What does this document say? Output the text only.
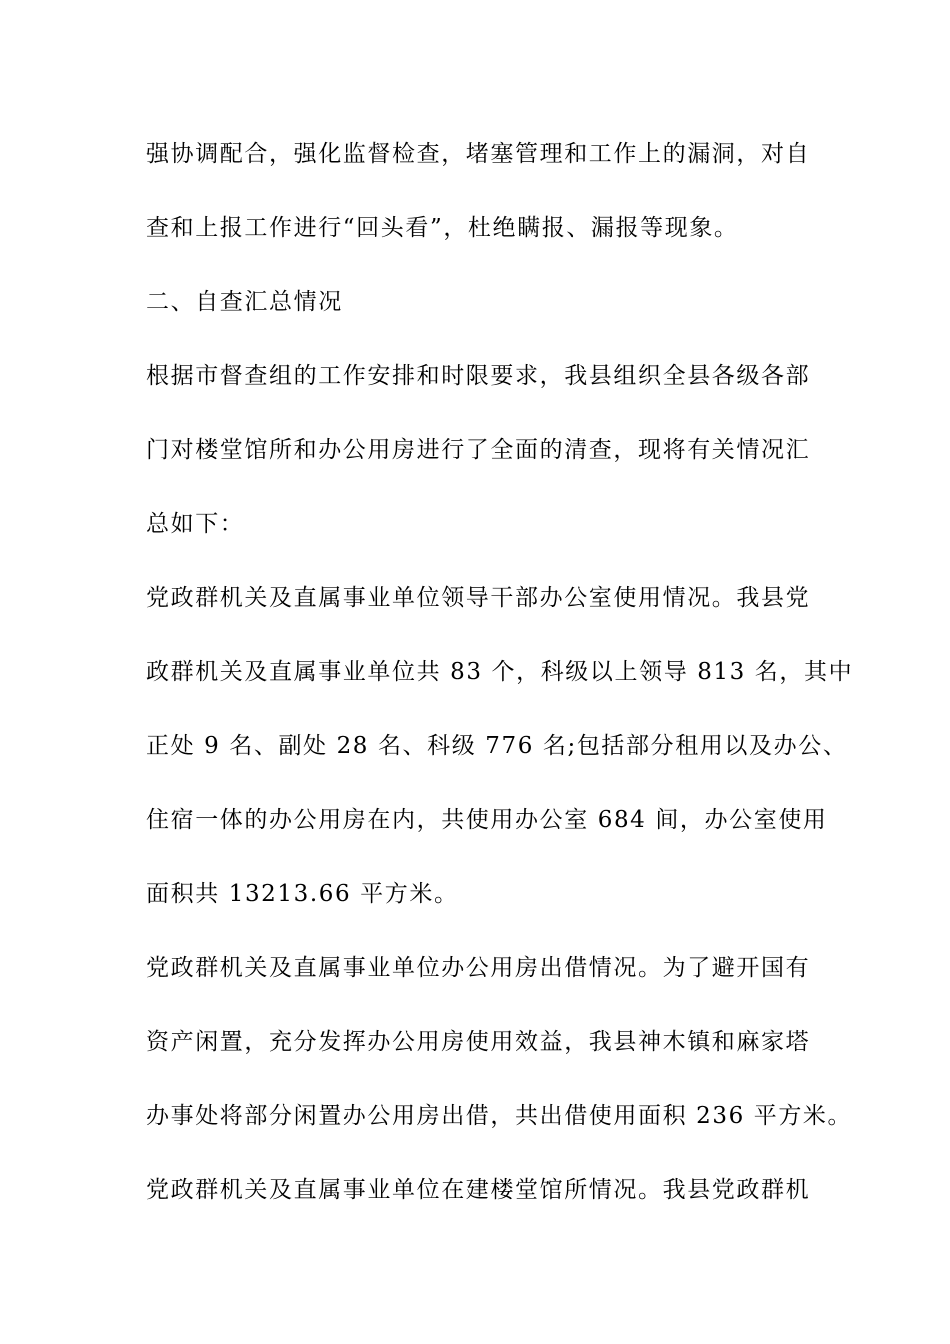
强协调配合，强化监督检查，堵塞管理和工作上的漏洞，对自
查和上报工作进行“回头看”，杜绝瞒报、漏报等现象。
二、自查汇总情况
根据市督查组的工作安排和时限要求，我县组织全县各级各部
门对楼堂馆所和办公用房进行了全面的清查，现将有关情况汇
总如下：
党政群机关及直属事业单位领导干部办公室使用情况。我县党
政群机关及直属事业单位共 83 个，科级以上领导 813 名，其中
正处 9 名、副处 28 名、科级 776 名;包括部分租用以及办公、
住宿一体的办公用房在内，共使用办公室 684 间，办公室使用
面积共 13213.66 平方米。
党政群机关及直属事业单位办公用房出借情况。为了避开国有
资产闲置，充分发挥办公用房使用效益，我县神木镇和麻家塔
办事处将部分闲置办公用房出借，共出借使用面积 236 平方米。
党政群机关及直属事业单位在建楼堂馆所情况。我县党政群机
